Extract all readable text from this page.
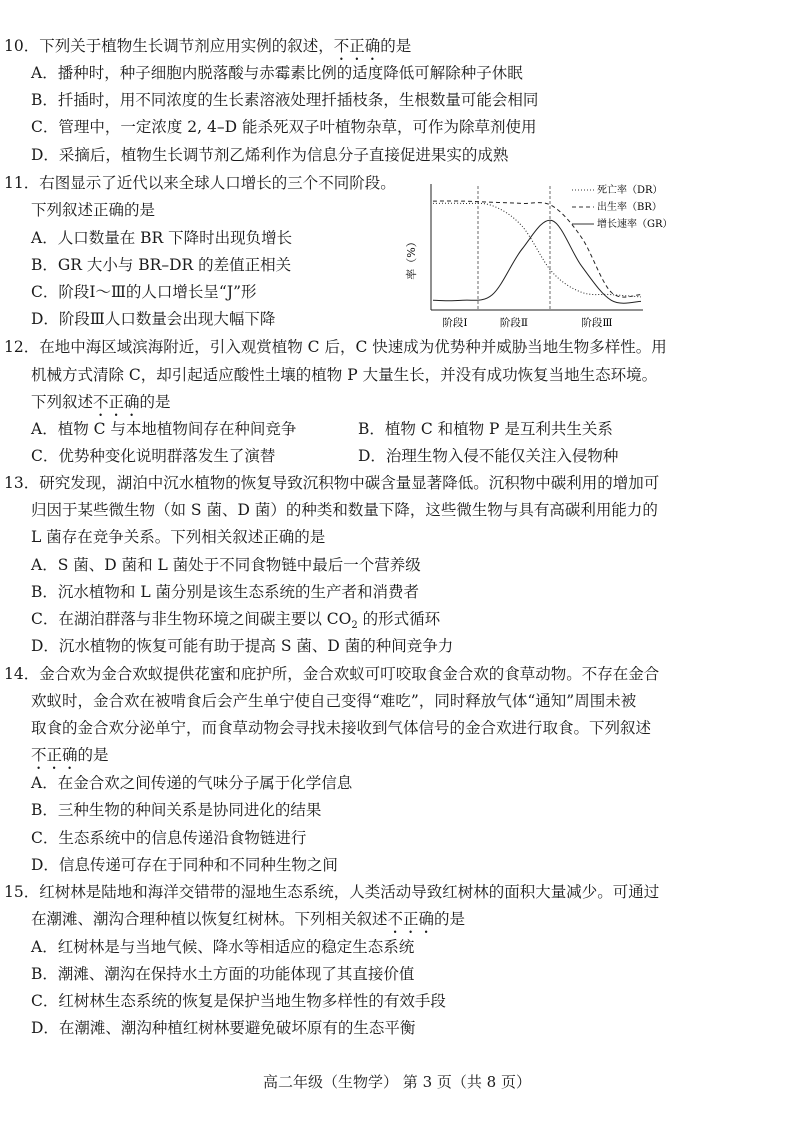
10．下列关于植物生长调节剂应用实例的叙述，不正确的是
A．播种时，种子细胞内脱落酸与赤霉素比例的适度降低可解除种子休眠
B．扦插时，用不同浓度的生长素溶液处理扦插枝条，生根数量可能会相同
C．管理中，一定浓度 2, 4–D 能杀死双子叶植物杂草，可作为除草剂使用
D．采摘后，植物生长调节剂乙烯利作为信息分子直接促进果实的成熟
11．右图显示了近代以来全球人口增长的三个不同阶段。
下列叙述正确的是
A．人口数量在 BR 下降时出现负增长
B．GR 大小与 BR–DR 的差值正相关
C．阶段Ⅰ～Ⅲ的人口增长呈“J”形
D．阶段Ⅲ人口数量会出现大幅下降
率（%）
阶段Ⅰ	阶段Ⅱ	阶段Ⅲ
死亡率（DR）
出生率（BR）
增长速率（GR）
12．在地中海区域滨海附近，引入观赏植物 C 后，C 快速成为优势种并威胁当地生物多样性。用
机械方式清除 C，却引起适应酸性土壤的植物 P 大量生长，并没有成功恢复当地生态环境。
下列叙述不正确的是
A．植物 C 与本地植物间存在种间竞争	B．植物 C 和植物 P 是互利共生关系
C．优势种变化说明群落发生了演替	D．治理生物入侵不能仅关注入侵物种
13．研究发现，湖泊中沉水植物的恢复导致沉积物中碳含量显著降低。沉积物中碳利用的增加可
归因于某些微生物（如 S 菌、D 菌）的种类和数量下降，这些微生物与具有高碳利用能力的
L 菌存在竞争关系。下列相关叙述正确的是
A．S 菌、D 菌和 L 菌处于不同食物链中最后一个营养级
B．沉水植物和 L 菌分别是该生态系统的生产者和消费者
C．在湖泊群落与非生物环境之间碳主要以 $CO_2$ 的形式循环
D．沉水植物的恢复可能有助于提高 S 菌、D 菌的种间竞争力
14．金合欢为金合欢蚁提供花蜜和庇护所，金合欢蚁可叮咬取食金合欢的食草动物。不存在金合
欢蚁时，金合欢在被啃食后会产生单宁使自己变得“难吃”，同时释放气体“通知”周围未被
取食的金合欢分泌单宁，而食草动物会寻找未接收到气体信号的金合欢进行取食。下列叙述
不正确的是
A．在金合欢之间传递的气味分子属于化学信息
B．三种生物的种间关系是协同进化的结果
C．生态系统中的信息传递沿食物链进行
D．信息传递可存在于同种和不同种生物之间
15．红树林是陆地和海洋交错带的湿地生态系统，人类活动导致红树林的面积大量减少。可通过
在潮滩、潮沟合理种植以恢复红树林。下列相关叙述不正确的是
A．红树林是与当地气候、降水等相适应的稳定生态系统
B．潮滩、潮沟在保持水土方面的功能体现了其直接价值
C．红树林生态系统的恢复是保护当地生物多样性的有效手段
D．在潮滩、潮沟种植红树林要避免破坏原有的生态平衡
高二年级（生物学） 第 3 页（共 8 页）
